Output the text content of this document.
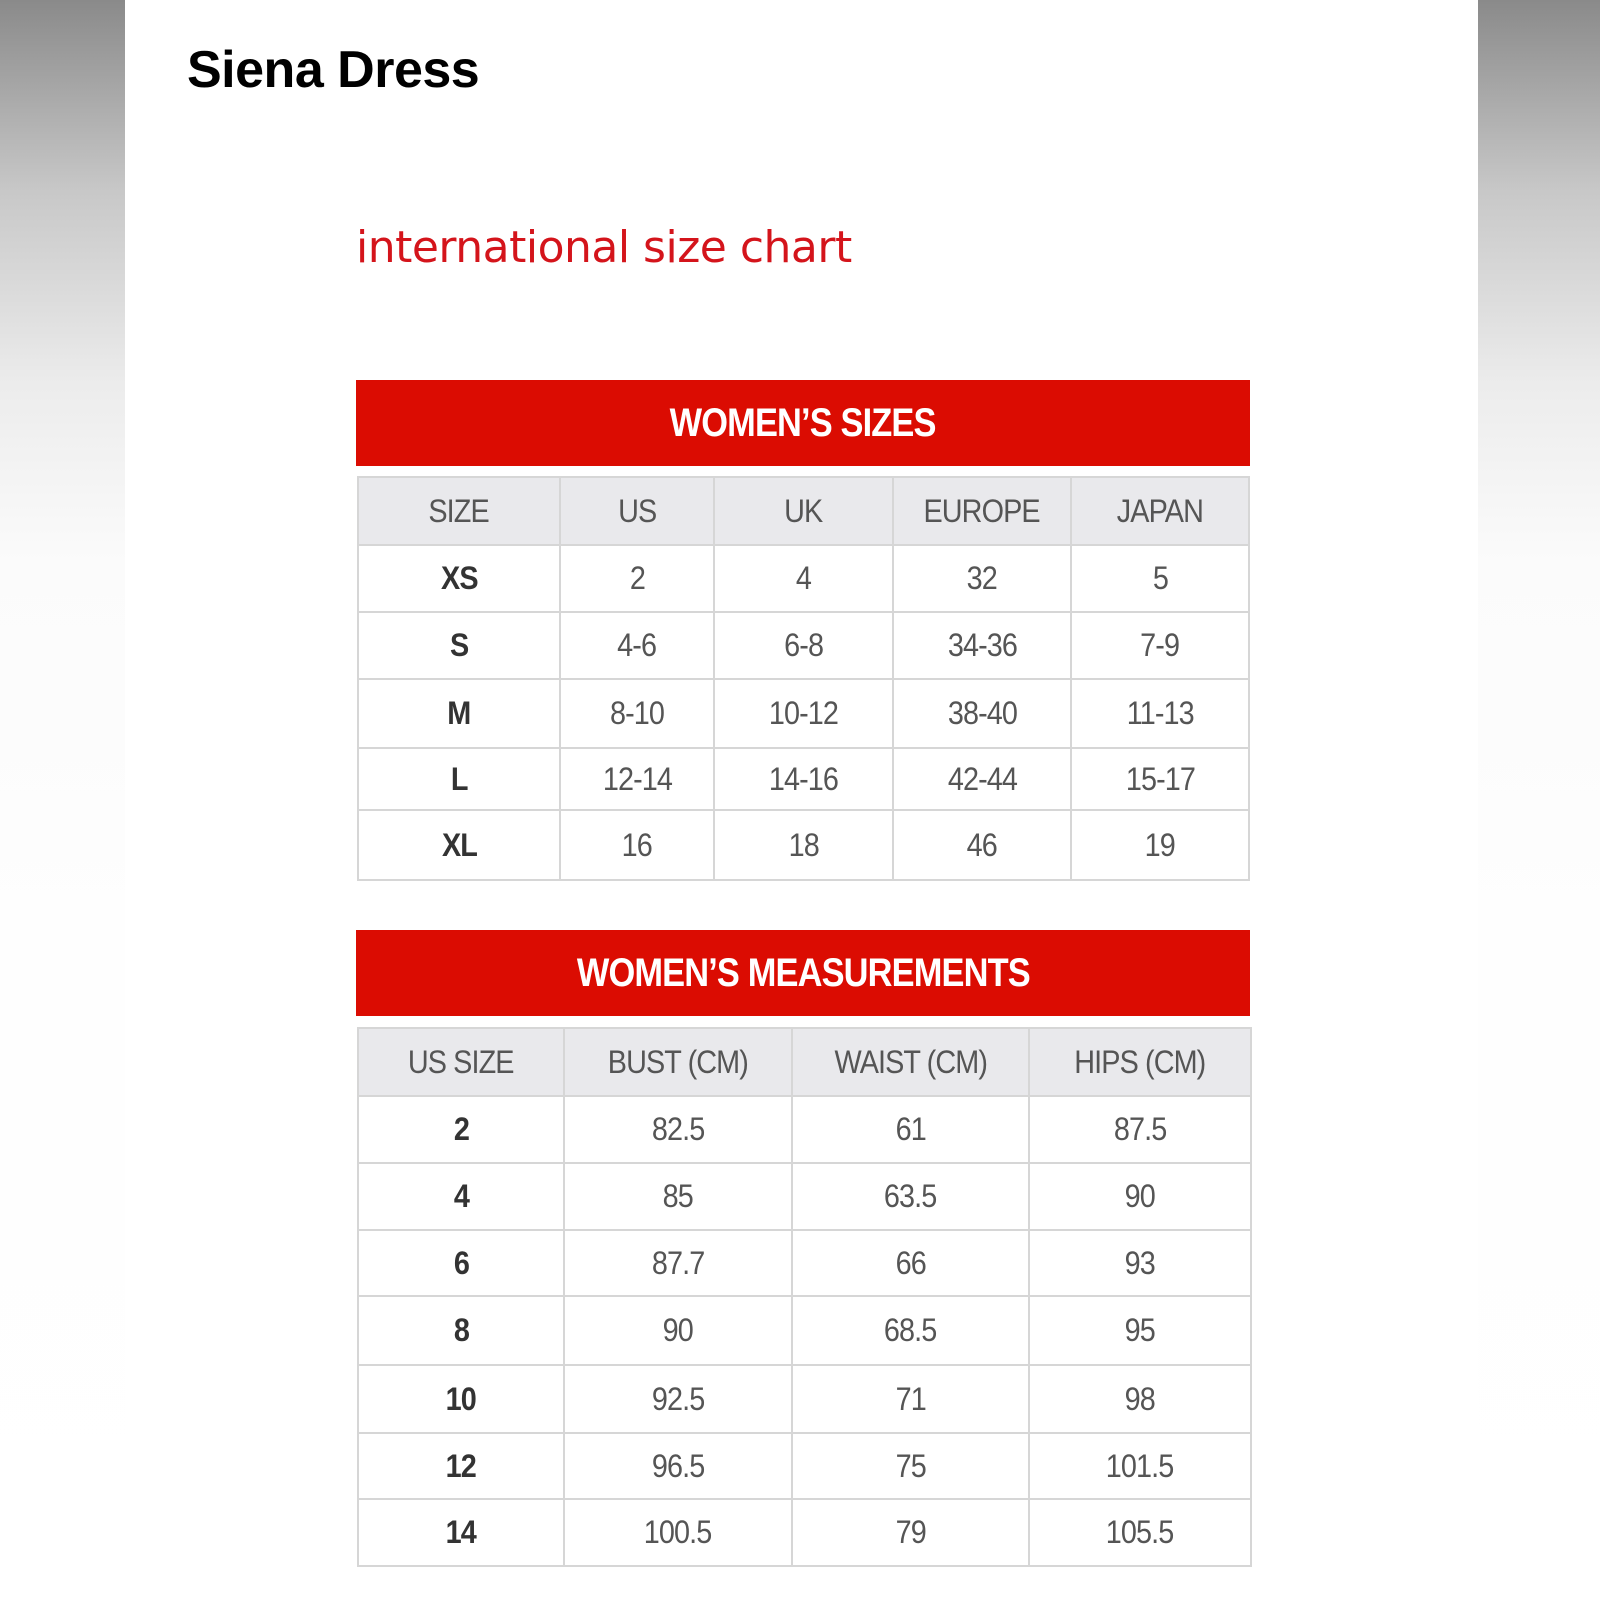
Siena Dress
international size chart
WOMEN’S SIZES
SIZE	US	UK	EUROPE	JAPAN
XS	2	4	32	5
S	4-6	6-8	34-36	7-9
M	8-10	10-12	38-40	11-13
L	12-14	14-16	42-44	15-17
XL	16	18	46	19
WOMEN’S MEASUREMENTS
US SIZE	BUST (CM)	WAIST (CM)	HIPS (CM)
2	82.5	61	87.5
4	85	63.5	90
6	87.7	66	93
8	90	68.5	95
10	92.5	71	98
12	96.5	75	101.5
14	100.5	79	105.5
